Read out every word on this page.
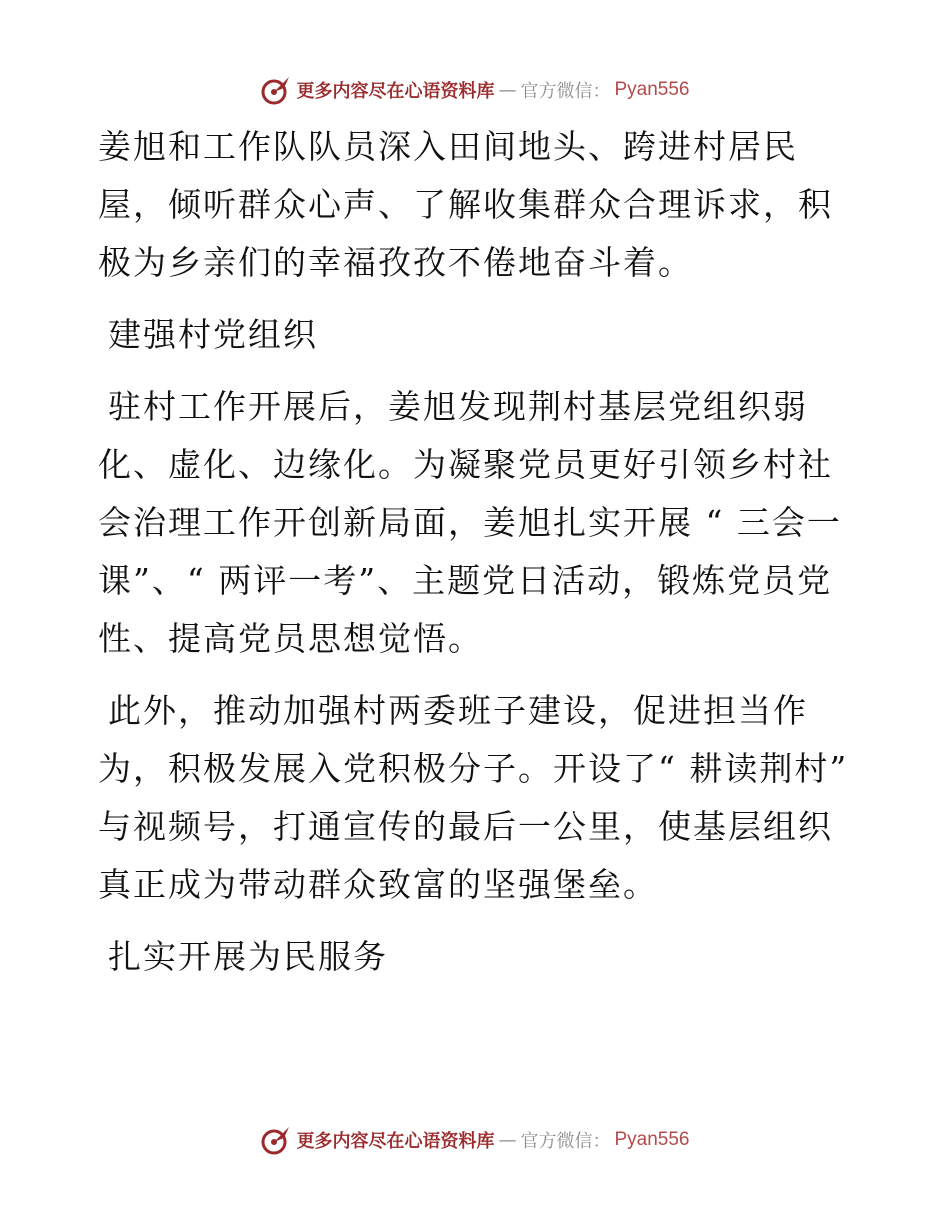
更多内容尽在心语资料库 — 官方微信： Pyan556

姜旭和工作队队员深入田间地头、跨进村居民屋，倾听群众心声、了解收集群众合理诉求，积极为乡亲们的幸福孜孜不倦地奋斗着。

建强村党组织

驻村工作开展后，姜旭发现荆村基层党组织弱化、虚化、边缘化。为凝聚党员更好引领乡村社会治理工作开创新局面，姜旭扎实开展 “ 三会一课”、“ 两评一考”、主题党日活动，锻炼党员党性、提高党员思想觉悟。

此外，推动加强村两委班子建设，促进担当作为，积极发展入党积极分子。开设了“ 耕读荆村” 与视频号，打通宣传的最后一公里，使基层组织真正成为带动群众致富的坚强堡垒。

扎实开展为民服务

更多内容尽在心语资料库 — 官方微信： Pyan556
